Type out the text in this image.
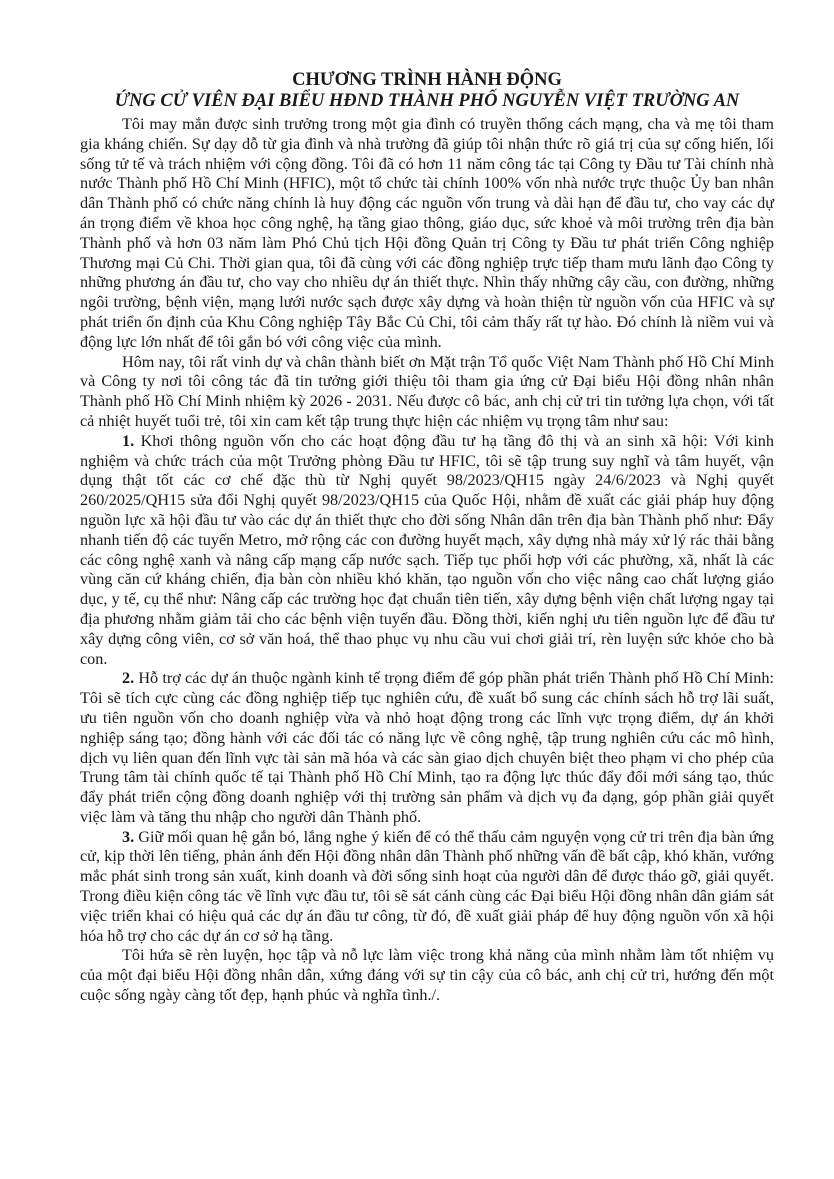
CHƯƠNG TRÌNH HÀNH ĐỘNG
ỨNG CỬ VIÊN ĐẠI BIỂU HĐND THÀNH PHỐ NGUYỄN VIỆT TRƯỜNG AN

Tôi may mắn được sinh trưởng trong một gia đình có truyền thống cách mạng, cha và mẹ tôi tham gia kháng chiến. Sự dạy dỗ từ gia đình và nhà trường đã giúp tôi nhận thức rõ giá trị của sự cống hiến, lối sống tử tế và trách nhiệm với cộng đồng. Tôi đã có hơn 11 năm công tác tại Công ty Đầu tư Tài chính nhà nước Thành phố Hồ Chí Minh (HFIC), một tổ chức tài chính 100% vốn nhà nước trực thuộc Ủy ban nhân dân Thành phố có chức năng chính là huy động các nguồn vốn trung và dài hạn để đầu tư, cho vay các dự án trọng điểm về khoa học công nghệ, hạ tầng giao thông, giáo dục, sức khoẻ và môi trường trên địa bàn Thành phố và hơn 03 năm làm Phó Chủ tịch Hội đồng Quản trị Công ty Đầu tư phát triển Công nghiệp Thương mại Củ Chi. Thời gian qua, tôi đã cùng với các đồng nghiệp trực tiếp tham mưu lãnh đạo Công ty những phương án đầu tư, cho vay cho nhiều dự án thiết thực. Nhìn thấy những cây cầu, con đường, những ngôi trường, bệnh viện, mạng lưới nước sạch được xây dựng và hoàn thiện từ nguồn vốn của HFIC và sự phát triển ổn định của Khu Công nghiệp Tây Bắc Củ Chi, tôi cảm thấy rất tự hào. Đó chính là niềm vui và động lực lớn nhất để tôi gắn bó với công việc của mình.

Hôm nay, tôi rất vinh dự và chân thành biết ơn Mặt trận Tổ quốc Việt Nam Thành phố Hồ Chí Minh và Công ty nơi tôi công tác đã tin tưởng giới thiệu tôi tham gia ứng cử Đại biểu Hội đồng nhân nhân Thành phố Hồ Chí Minh nhiệm kỳ 2026 - 2031. Nếu được cô bác, anh chị cử tri tin tưởng lựa chọn, với tất cả nhiệt huyết tuổi trẻ, tôi xin cam kết tập trung thực hiện các nhiệm vụ trọng tâm như sau:

1. Khơi thông nguồn vốn cho các hoạt động đầu tư hạ tầng đô thị và an sinh xã hội: Với kinh nghiệm và chức trách của một Trưởng phòng Đầu tư HFIC, tôi sẽ tập trung suy nghĩ và tâm huyết, vận dụng thật tốt các cơ chế đặc thù từ Nghị quyết 98/2023/QH15 ngày 24/6/2023 và Nghị quyết 260/2025/QH15 sửa đổi Nghị quyết 98/2023/QH15 của Quốc Hội, nhằm đề xuất các giải pháp huy động nguồn lực xã hội đầu tư vào các dự án thiết thực cho đời sống Nhân dân trên địa bàn Thành phố như: Đẩy nhanh tiến độ các tuyến Metro, mở rộng các con đường huyết mạch, xây dựng nhà máy xử lý rác thải bằng các công nghệ xanh và nâng cấp mạng cấp nước sạch. Tiếp tục phối hợp với các phường, xã, nhất là các vùng căn cứ kháng chiến, địa bàn còn nhiều khó khăn, tạo nguồn vốn cho việc nâng cao chất lượng giáo dục, y tế, cụ thể như: Nâng cấp các trường học đạt chuẩn tiên tiến, xây dựng bệnh viện chất lượng ngay tại địa phương nhằm giảm tải cho các bệnh viện tuyến đầu. Đồng thời, kiến nghị ưu tiên nguồn lực để đầu tư xây dựng công viên, cơ sở văn hoá, thể thao phục vụ nhu cầu vui chơi giải trí, rèn luyện sức khỏe cho bà con.

2. Hỗ trợ các dự án thuộc ngành kinh tế trọng điểm để góp phần phát triển Thành phố Hồ Chí Minh: Tôi sẽ tích cực cùng các đồng nghiệp tiếp tục nghiên cứu, đề xuất bổ sung các chính sách hỗ trợ lãi suất, ưu tiên nguồn vốn cho doanh nghiệp vừa và nhỏ hoạt động trong các lĩnh vực trọng điểm, dự án khởi nghiệp sáng tạo; đồng hành với các đối tác có năng lực về công nghệ, tập trung nghiên cứu các mô hình, dịch vụ liên quan đến lĩnh vực tài sản mã hóa và các sàn giao dịch chuyên biệt theo phạm vi cho phép của Trung tâm tài chính quốc tế tại Thành phố Hồ Chí Minh, tạo ra động lực thúc đẩy đổi mới sáng tạo, thúc đẩy phát triển cộng đồng doanh nghiệp với thị trường sản phẩm và dịch vụ đa dạng, góp phần giải quyết việc làm và tăng thu nhập cho người dân Thành phố.

3. Giữ mối quan hệ gắn bó, lắng nghe ý kiến để có thể thấu cảm nguyện vọng cử tri trên địa bàn ứng cử, kịp thời lên tiếng, phản ánh đến Hội đồng nhân dân Thành phố những vấn đề bất cập, khó khăn, vướng mắc phát sinh trong sản xuất, kinh doanh và đời sống sinh hoạt của người dân để được tháo gỡ, giải quyết. Trong điều kiện công tác về lĩnh vực đầu tư, tôi sẽ sát cánh cùng các Đại biểu Hội đồng nhân dân giám sát việc triển khai có hiệu quả các dự án đầu tư công, từ đó, đề xuất giải pháp để huy động nguồn vốn xã hội hóa hỗ trợ cho các dự án cơ sở hạ tầng.

Tôi hứa sẽ rèn luyện, học tập và nỗ lực làm việc trong khả năng của mình nhằm làm tốt nhiệm vụ của một đại biểu Hội đồng nhân dân, xứng đáng với sự tin cậy của cô bác, anh chị cử tri, hướng đến một cuộc sống ngày càng tốt đẹp, hạnh phúc và nghĩa tình./.
